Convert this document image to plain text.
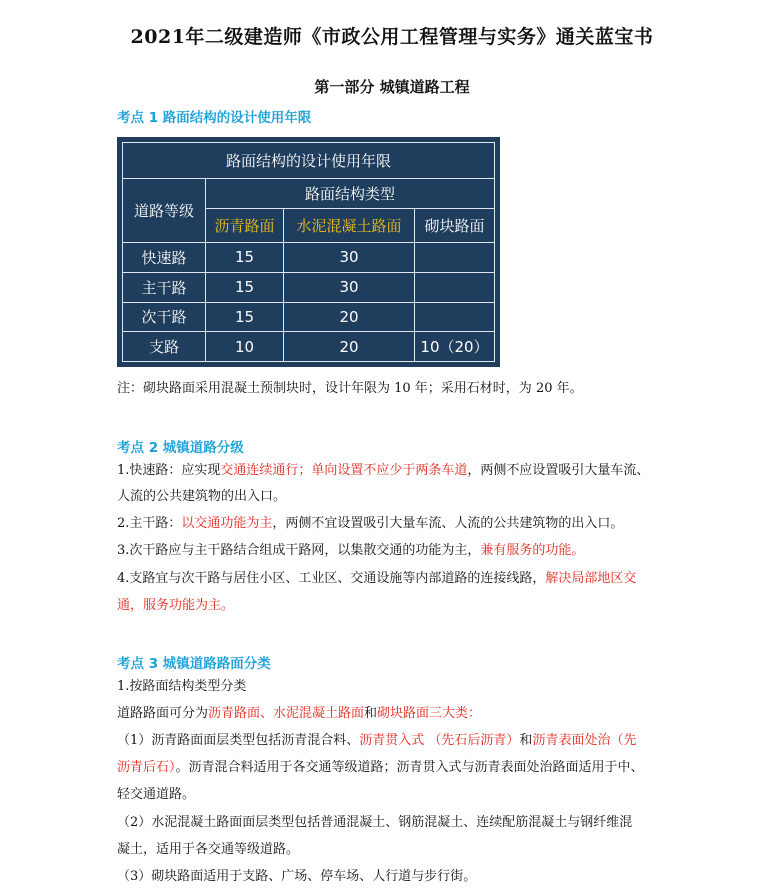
2021年二级建造师《市政公用工程管理与实务》通关蓝宝书
第一部分 城镇道路工程
考点 1 路面结构的设计使用年限
路面结构的设计使用年限			
道路等级	路面结构类型		
	沥青路面	水泥混凝土路面	砌块路面
快速路	15	30	
主干路	15	30	
次干路	15	20	
支路	10	20	10（20）
注：砌块路面采用混凝土预制块时，设计年限为 10 年；采用石材时，为 20 年。
考点 2 城镇道路分级
1.快速路：应实现交通连续通行；单向设置不应少于两条车道，两侧不应设置吸引大量车流、
人流的公共建筑物的出入口。
2.主干路：以交通功能为主，两侧不宜设置吸引大量车流、人流的公共建筑物的出入口。
3.次干路应与主干路结合组成干路网，以集散交通的功能为主，兼有服务的功能。
4.支路宜与次干路与居住小区、工业区、交通设施等内部道路的连接线路，解决局部地区交
通，服务功能为主。
考点 3 城镇道路路面分类
1.按路面结构类型分类
道路路面可分为沥青路面、水泥混凝土路面和砌块路面三大类：
（1）沥青路面面层类型包括沥青混合料、沥青贯入式 （先石后沥青）和沥青表面处治（先
沥青后石）。沥青混合料适用于各交通等级道路；沥青贯入式与沥青表面处治路面适用于中、
轻交通道路。
（2）水泥混凝土路面面层类型包括普通混凝土、钢筋混凝土、连续配筋混凝土与钢纤维混
凝土，适用于各交通等级道路。
（3）砌块路面适用于支路、广场、停车场、人行道与步行街。
